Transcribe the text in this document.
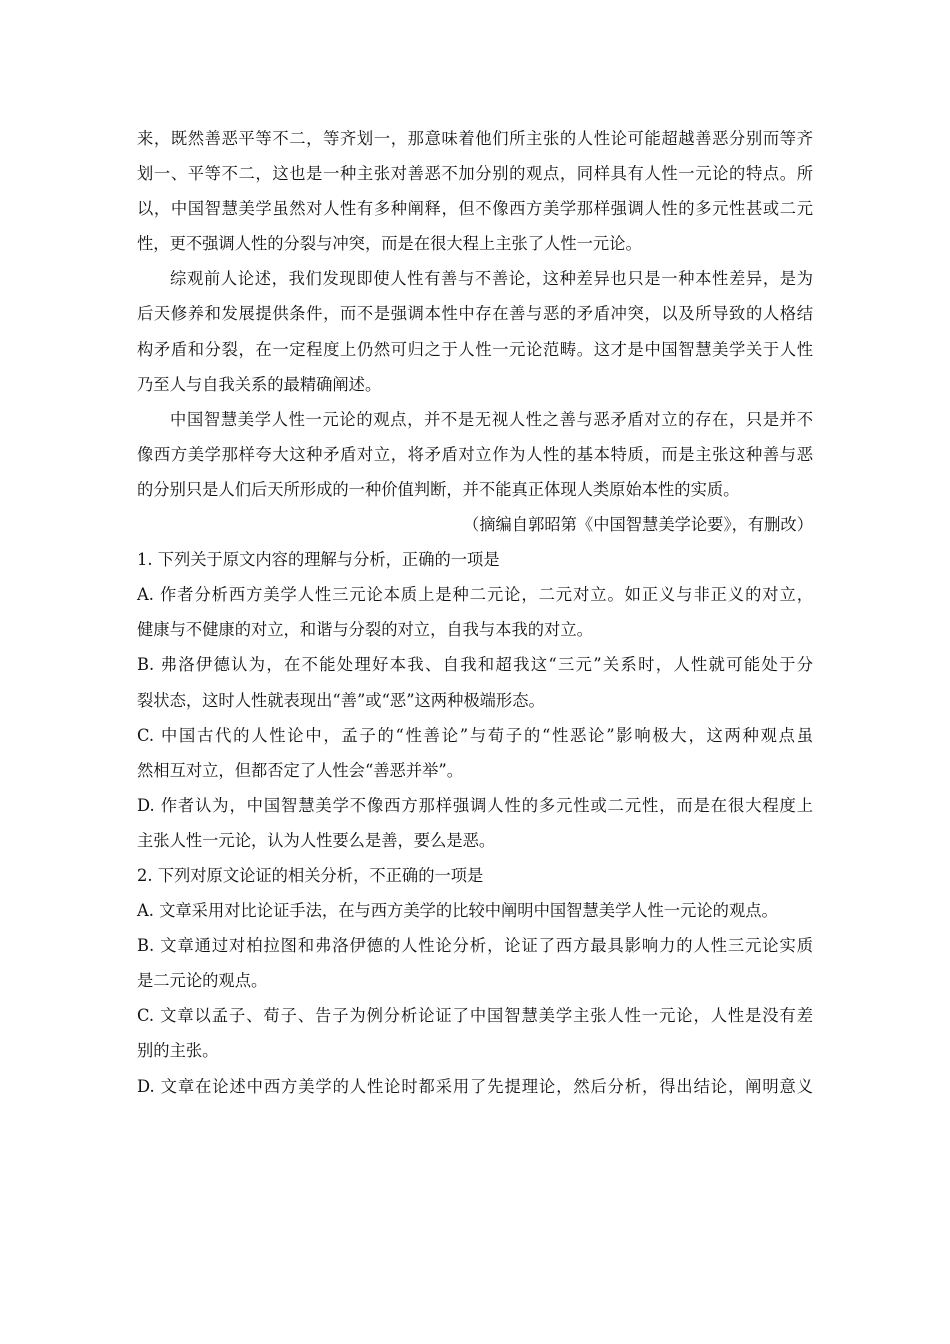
来，既然善恶平等不二，等齐划一，那意味着他们所主张的人性论可能超越善恶分别而等齐
划一、平等不二，这也是一种主张对善恶不加分别的观点，同样具有人性一元论的特点。所
以，中国智慧美学虽然对人性有多种阐释，但不像西方美学那样强调人性的多元性甚或二元
性，更不强调人性的分裂与冲突，而是在很大程上主张了人性一元论。
综观前人论述，我们发现即使人性有善与不善论，这种差异也只是一种本性差异，是为
后天修养和发展提供条件，而不是强调本性中存在善与恶的矛盾冲突，以及所导致的人格结
构矛盾和分裂，在一定程度上仍然可归之于人性一元论范畴。这才是中国智慧美学关于人性
乃至人与自我关系的最精确阐述。
中国智慧美学人性一元论的观点，并不是无视人性之善与恶矛盾对立的存在，只是并不
像西方美学那样夸大这种矛盾对立，将矛盾对立作为人性的基本特质，而是主张这种善与恶
的分别只是人们后天所形成的一种价值判断，并不能真正体现人类原始本性的实质。
（摘编自郭昭第《中国智慧美学论要》，有删改）
1. 下列关于原文内容的理解与分析，正确的一项是
A. 作者分析西方美学人性三元论本质上是种二元论，二元对立。如正义与非正义的对立，
健康与不健康的对立，和谐与分裂的对立，自我与本我的对立。
B. 弗洛伊德认为，在不能处理好本我、自我和超我这“三元”关系时，人性就可能处于分
裂状态，这时人性就表现出“善”或“恶”这两种极端形态。
C. 中国古代的人性论中，孟子的“性善论”与荀子的“性恶论”影响极大，这两种观点虽
然相互对立，但都否定了人性会“善恶并举”。
D. 作者认为，中国智慧美学不像西方那样强调人性的多元性或二元性，而是在很大程度上
主张人性一元论，认为人性要么是善，要么是恶。
2. 下列对原文论证的相关分析，不正确的一项是
A. 文章采用对比论证手法，在与西方美学的比较中阐明中国智慧美学人性一元论的观点。
B. 文章通过对柏拉图和弗洛伊德的人性论分析，论证了西方最具影响力的人性三元论实质
是二元论的观点。
C. 文章以孟子、荀子、告子为例分析论证了中国智慧美学主张人性一元论，人性是没有差
别的主张。
D. 文章在论述中西方美学的人性论时都采用了先提理论，然后分析，得出结论，阐明意义
